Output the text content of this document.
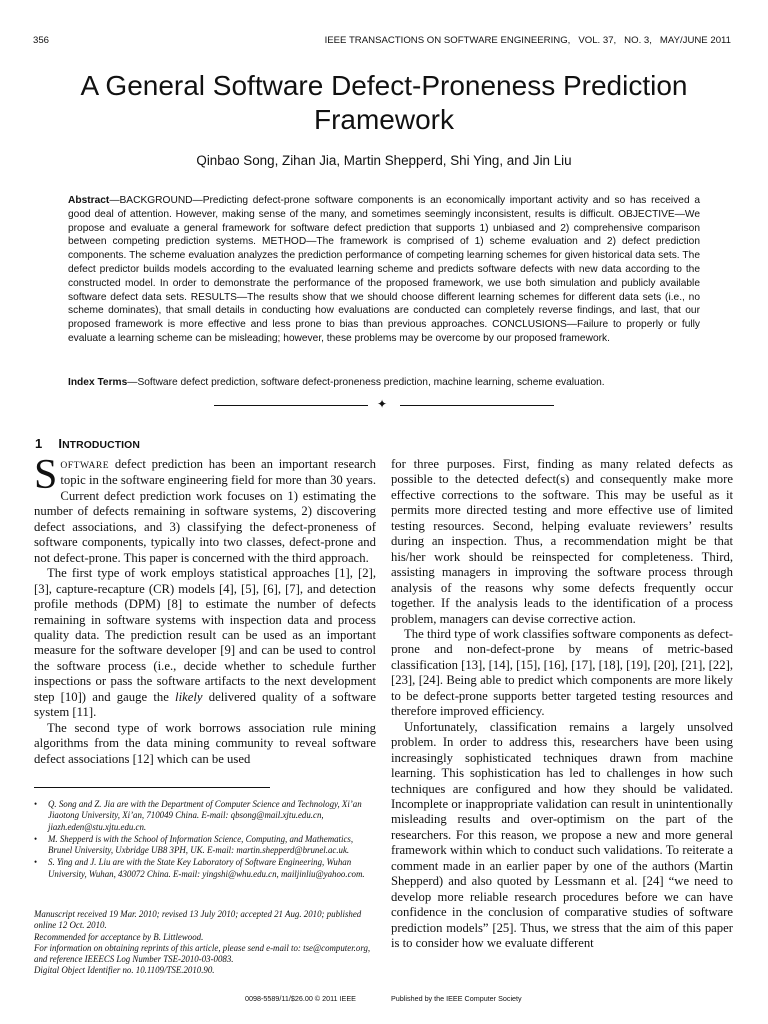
356	IEEE TRANSACTIONS ON SOFTWARE ENGINEERING,   VOL. 37,   NO. 3,   MAY/JUNE 2011
A General Software Defect-Proneness Prediction Framework
Qinbao Song, Zihan Jia, Martin Shepperd, Shi Ying, and Jin Liu
Abstract—BACKGROUND—Predicting defect-prone software components is an economically important activity and so has received a good deal of attention. However, making sense of the many, and sometimes seemingly inconsistent, results is difficult. OBJECTIVE—We propose and evaluate a general framework for software defect prediction that supports 1) unbiased and 2) comprehensive comparison between competing prediction systems. METHOD—The framework is comprised of 1) scheme evaluation and 2) defect prediction components. The scheme evaluation analyzes the prediction performance of competing learning schemes for given historical data sets. The defect predictor builds models according to the evaluated learning scheme and predicts software defects with new data according to the constructed model. In order to demonstrate the performance of the proposed framework, we use both simulation and publicly available software defect data sets. RESULTS—The results show that we should choose different learning schemes for different data sets (i.e., no scheme dominates), that small details in conducting how evaluations are conducted can completely reverse findings, and last, that our proposed framework is more effective and less prone to bias than previous approaches. CONCLUSIONS—Failure to properly or fully evaluate a learning scheme can be misleading; however, these problems may be overcome by our proposed framework.
Index Terms—Software defect prediction, software defect-proneness prediction, machine learning, scheme evaluation.
✦
1 INTRODUCTION

SOFTWARE defect prediction has been an important research topic in the software engineering field for more than 30 years. Current defect prediction work focuses on 1) estimating the number of defects remaining in software systems, 2) discovering defect associations, and 3) classifying the defect-proneness of software components, typically into two classes, defect-prone and not defect-prone. This paper is concerned with the third approach.

The first type of work employs statistical approaches [1], [2], [3], capture-recapture (CR) models [4], [5], [6], [7], and detection profile methods (DPM) [8] to estimate the number of defects remaining in software systems with inspection data and process quality data. The prediction result can be used as an important measure for the software developer [9] and can be used to control the software process (i.e., decide whether to schedule further inspections or pass the software artifacts to the next development step [10]) and gauge the likely delivered quality of a software system [11].

The second type of work borrows association rule mining algorithms from the data mining community to reveal software defect associations [12] which can be used

• Q. Song and Z. Jia are with the Department of Computer Science and Technology, Xi’an Jiaotong University, Xi’an, 710049 China. E-mail: qbsong@mail.xjtu.edu.cn, jiazh.eden@stu.xjtu.edu.cn.
• M. Shepperd is with the School of Information Science, Computing, and Mathematics, Brunel University, Uxbridge UB8 3PH, UK. E-mail: martin.shepperd@brunel.ac.uk.
• S. Ying and J. Liu are with the State Key Laboratory of Software Engineering, Wuhan University, Wuhan, 430072 China. E-mail: yingshi@whu.edu.cn, mailjinliu@yahoo.com.
Manuscript received 19 Mar. 2010; revised 13 July 2010; accepted 21 Aug. 2010; published online 12 Oct. 2010.
Recommended for acceptance by B. Littlewood.
For information on obtaining reprints of this article, please send e-mail to: tse@computer.org, and reference IEEECS Log Number TSE-2010-03-0083.
Digital Object Identifier no. 10.1109/TSE.2010.90.

for three purposes. First, finding as many related defects as possible to the detected defect(s) and consequently make more effective corrections to the software. This may be useful as it permits more directed testing and more effective use of limited testing resources. Second, helping evaluate reviewers’ results during an inspection. Thus, a recommendation might be that his/her work should be reinspected for completeness. Third, assisting managers in improving the software process through analysis of the reasons why some defects frequently occur together. If the analysis leads to the identification of a process problem, managers can devise corrective action.

The third type of work classifies software components as defect-prone and non-defect-prone by means of metric-based classification [13], [14], [15], [16], [17], [18], [19], [20], [21], [22], [23], [24]. Being able to predict which components are more likely to be defect-prone supports better targeted testing resources and therefore improved efficiency.

Unfortunately, classification remains a largely unsolved problem. In order to address this, researchers have been using increasingly sophisticated techniques drawn from machine learning. This sophistication has led to challenges in how such techniques are configured and how they should be validated. Incomplete or inappropriate validation can result in unintentionally misleading results and over-optimism on the part of the researchers. For this reason, we propose a new and more general framework within which to conduct such validations. To reiterate a comment made in an earlier paper by one of the authors (Martin Shepperd) and also quoted by Lessmann et al. [24] “we need to develop more reliable research procedures before we can have confidence in the conclusion of comparative studies of software prediction models” [25]. Thus, we stress that the aim of this paper is to consider how we evaluate different

0098-5589/11/$26.00 © 2011 IEEE	Published by the IEEE Computer Society
